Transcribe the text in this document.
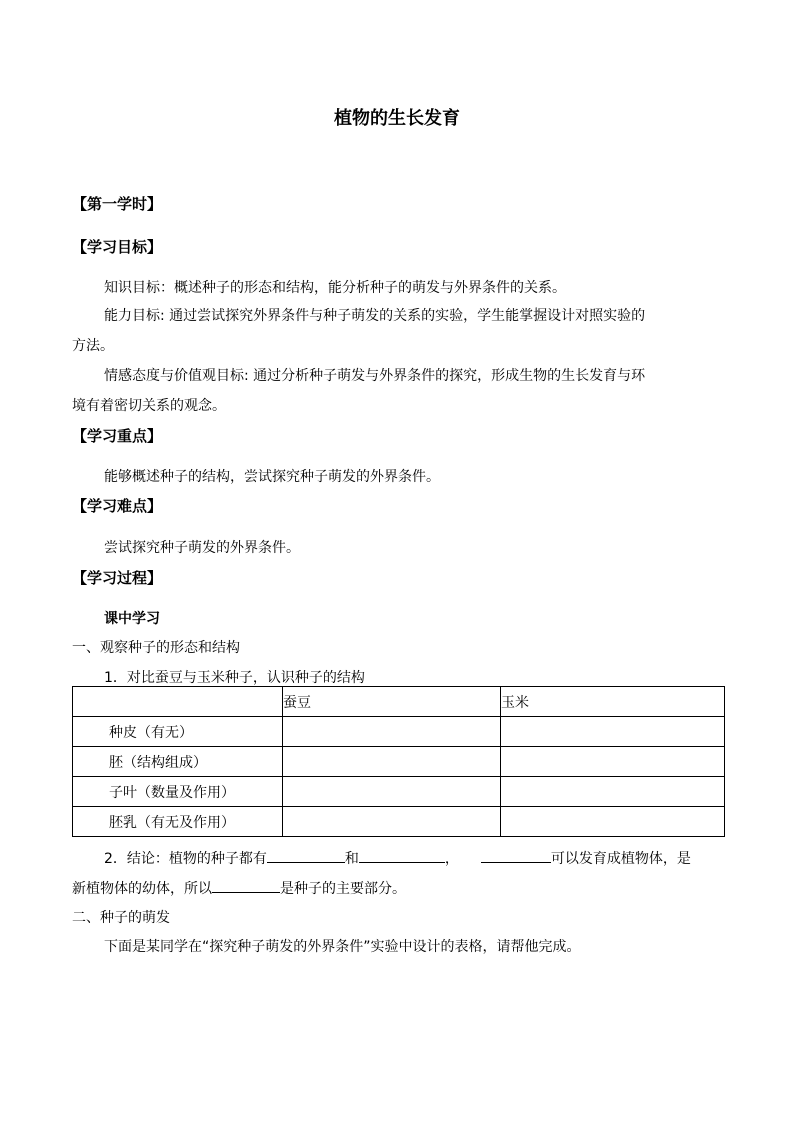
植物的生长发育
【第一学时】
【学习目标】
知识目标：概述种子的形态和结构，能分析种子的萌发与外界条件的关系。
能力目标: 通过尝试探究外界条件与种子萌发的关系的实验，学生能掌握设计对照实验的
方法。
情感态度与价值观目标: 通过分析种子萌发与外界条件的探究，形成生物的生长发育与环
境有着密切关系的观念。
【学习重点】
能够概述种子的结构，尝试探究种子萌发的外界条件。
【学习难点】
尝试探究种子萌发的外界条件。
【学习过程】
课中学习
一、观察种子的形态和结构
1．对比蚕豆与玉米种子，认识种子的结构
	蚕豆	玉米
种皮（有无）		
胚（结构组成）		
子叶（数量及作用）		
胚乳（有无及作用）		
2．结论：植物的种子都有	和	，	可以发育成植物体，是
新植物体的幼体，所以	是种子的主要部分。
二、种子的萌发
下面是某同学在“探究种子萌发的外界条件”实验中设计的表格，请帮他完成。
